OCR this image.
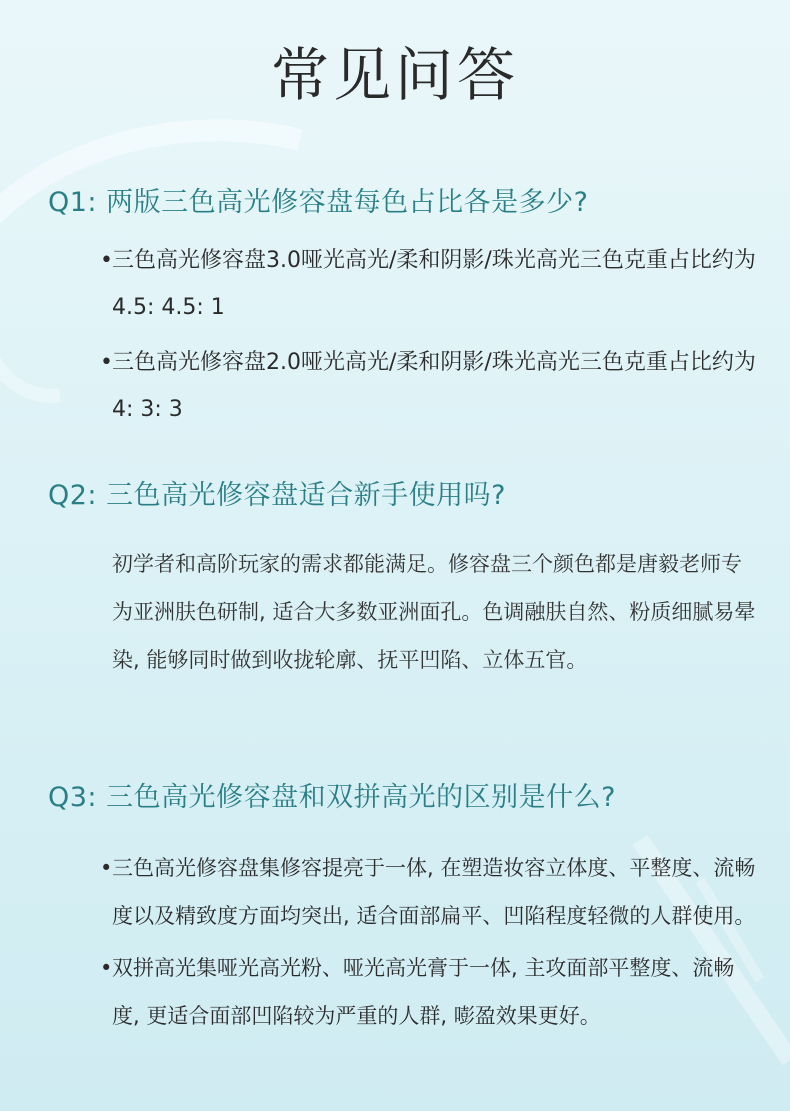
常见问答
Q1: 两版三色高光修容盘每色占比各是多少?
• 三色高光修容盘3.0哑光高光/柔和阴影/珠光高光三色克重占比约为4.5: 4.5: 1
• 三色高光修容盘2.0哑光高光/柔和阴影/珠光高光三色克重占比约为4: 3: 3
Q2: 三色高光修容盘适合新手使用吗?
初学者和高阶玩家的需求都能满足。修容盘三个颜色都是唐毅老师专为亚洲肤色研制, 适合大多数亚洲面孔。色调融肤自然、粉质细腻易晕染, 能够同时做到收拢轮廓、抚平凹陷、立体五官。
Q3: 三色高光修容盘和双拼高光的区别是什么?
• 三色高光修容盘集修容提亮于一体, 在塑造妆容立体度、平整度、流畅度以及精致度方面均突出, 适合面部扁平、凹陷程度轻微的人群使用。
• 双拼高光集哑光高光粉、哑光高光膏于一体, 主攻面部平整度、流畅度, 更适合面部凹陷较为严重的人群, 嘭盈效果更好。
